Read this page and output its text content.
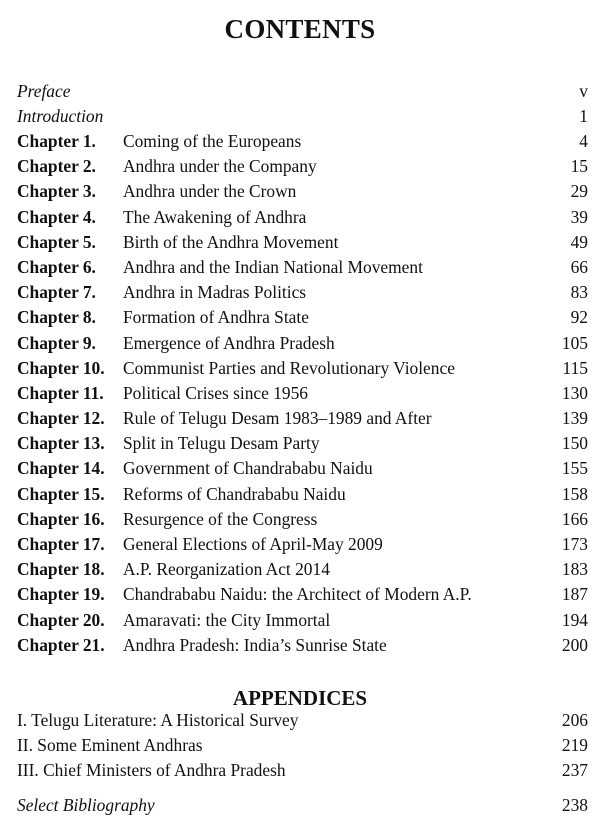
CONTENTS
Preface	v
Introduction	1
Chapter 1. Coming of the Europeans	4
Chapter 2. Andhra under the Company	15
Chapter 3. Andhra under the Crown	29
Chapter 4. The Awakening of Andhra	39
Chapter 5. Birth of the Andhra Movement	49
Chapter 6. Andhra and the Indian National Movement	66
Chapter 7. Andhra in Madras Politics	83
Chapter 8. Formation of Andhra State	92
Chapter 9. Emergence of Andhra Pradesh	105
Chapter 10. Communist Parties and Revolutionary Violence	115
Chapter 11. Political Crises since 1956	130
Chapter 12. Rule of Telugu Desam 1983–1989 and After	139
Chapter 13. Split in Telugu Desam Party	150
Chapter 14. Government of Chandrababu Naidu	155
Chapter 15. Reforms of Chandrababu Naidu	158
Chapter 16. Resurgence of the Congress	166
Chapter 17. General Elections of April-May 2009	173
Chapter 18. A.P. Reorganization Act 2014	183
Chapter 19. Chandrababu Naidu: the Architect of Modern A.P.	187
Chapter 20. Amaravati: the City Immortal	194
Chapter 21. Andhra Pradesh: India’s Sunrise State	200
APPENDICES
I. Telugu Literature: A Historical Survey	206
II. Some Eminent Andhras	219
III. Chief Ministers of Andhra Pradesh	237
Select Bibliography	238
